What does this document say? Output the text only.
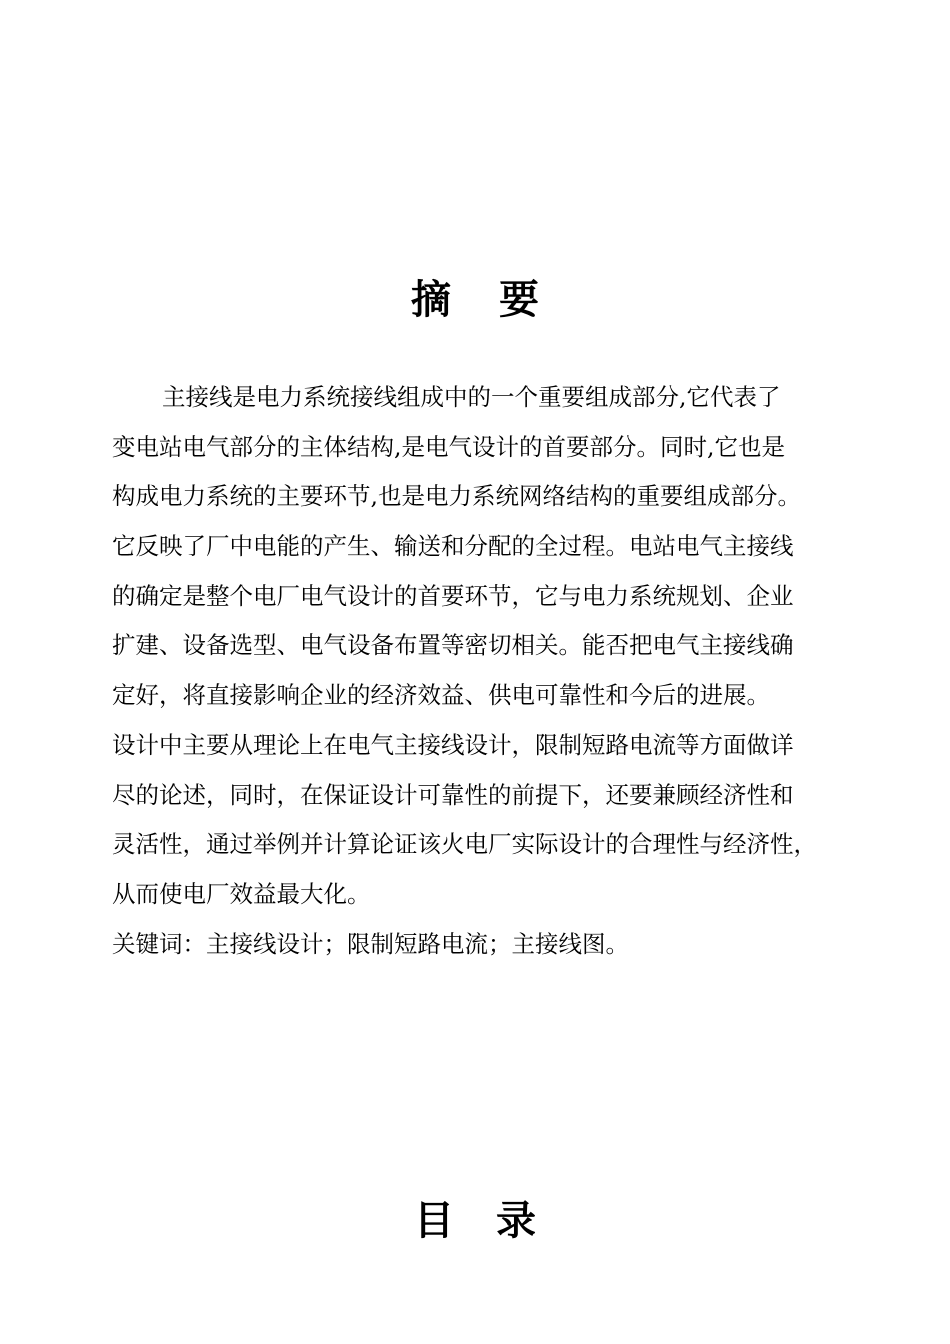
摘 要
主接线是电力系统接线组成中的一个重要组成部分,它代表了
变电站电气部分的主体结构,是电气设计的首要部分。同时,它也是
构成电力系统的主要环节,也是电力系统网络结构的重要组成部分。
它反映了厂中电能的产生、输送和分配的全过程。电站电气主接线
的确定是整个电厂电气设计的首要环节，它与电力系统规划、企业
扩建、设备选型、电气设备布置等密切相关。能否把电气主接线确
定好，将直接影响企业的经济效益、供电可靠性和今后的进展。
设计中主要从理论上在电气主接线设计，限制短路电流等方面做详
尽的论述，同时，在保证设计可靠性的前提下，还要兼顾经济性和
灵活性，通过举例并计算论证该火电厂实际设计的合理性与经济性，
从而使电厂效益最大化。
关键词：主接线设计；限制短路电流；主接线图。
目 录
